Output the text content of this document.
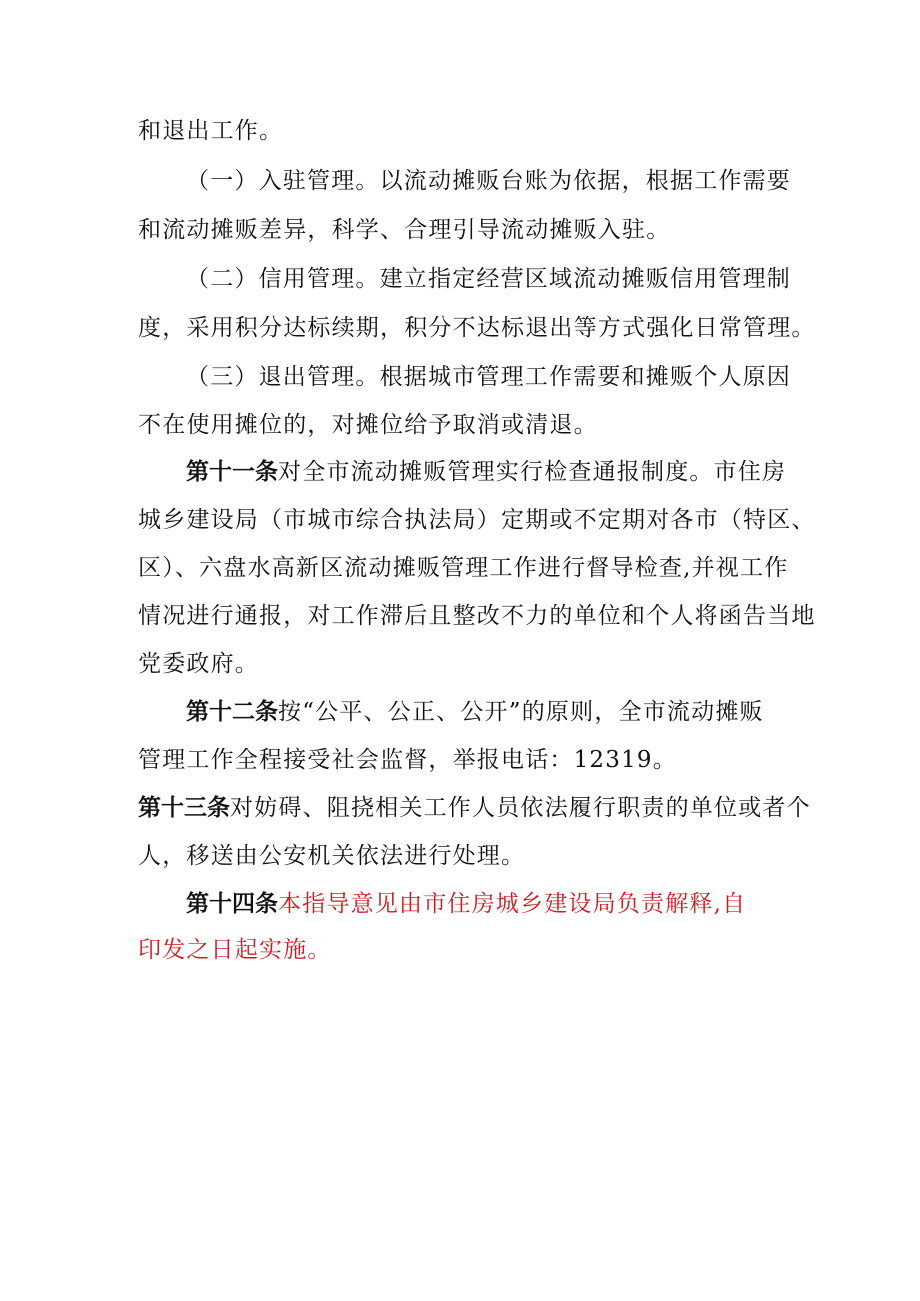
和退出工作。
（一）入驻管理。以流动摊贩台账为依据，根据工作需要
和流动摊贩差异，科学、合理引导流动摊贩入驻。
（二）信用管理。建立指定经营区域流动摊贩信用管理制
度，采用积分达标续期，积分不达标退出等方式强化日常管理。
（三）退出管理。根据城市管理工作需要和摊贩个人原因
不在使用摊位的，对摊位给予取消或清退。
第十一条对全市流动摊贩管理实行检查通报制度。市住房
城乡建设局（市城市综合执法局）定期或不定期对各市（特区、
区）、六盘水高新区流动摊贩管理工作进行督导检查,并视工作
情况进行通报，对工作滞后且整改不力的单位和个人将函告当地
党委政府。
第十二条按“公平、公正、公开”的原则，全市流动摊贩
管理工作全程接受社会监督，举报电话：12319。
第十三条对妨碍、阻挠相关工作人员依法履行职责的单位或者个
人，移送由公安机关依法进行处理。
第十四条本指导意见由市住房城乡建设局负责解释,自
印发之日起实施。
